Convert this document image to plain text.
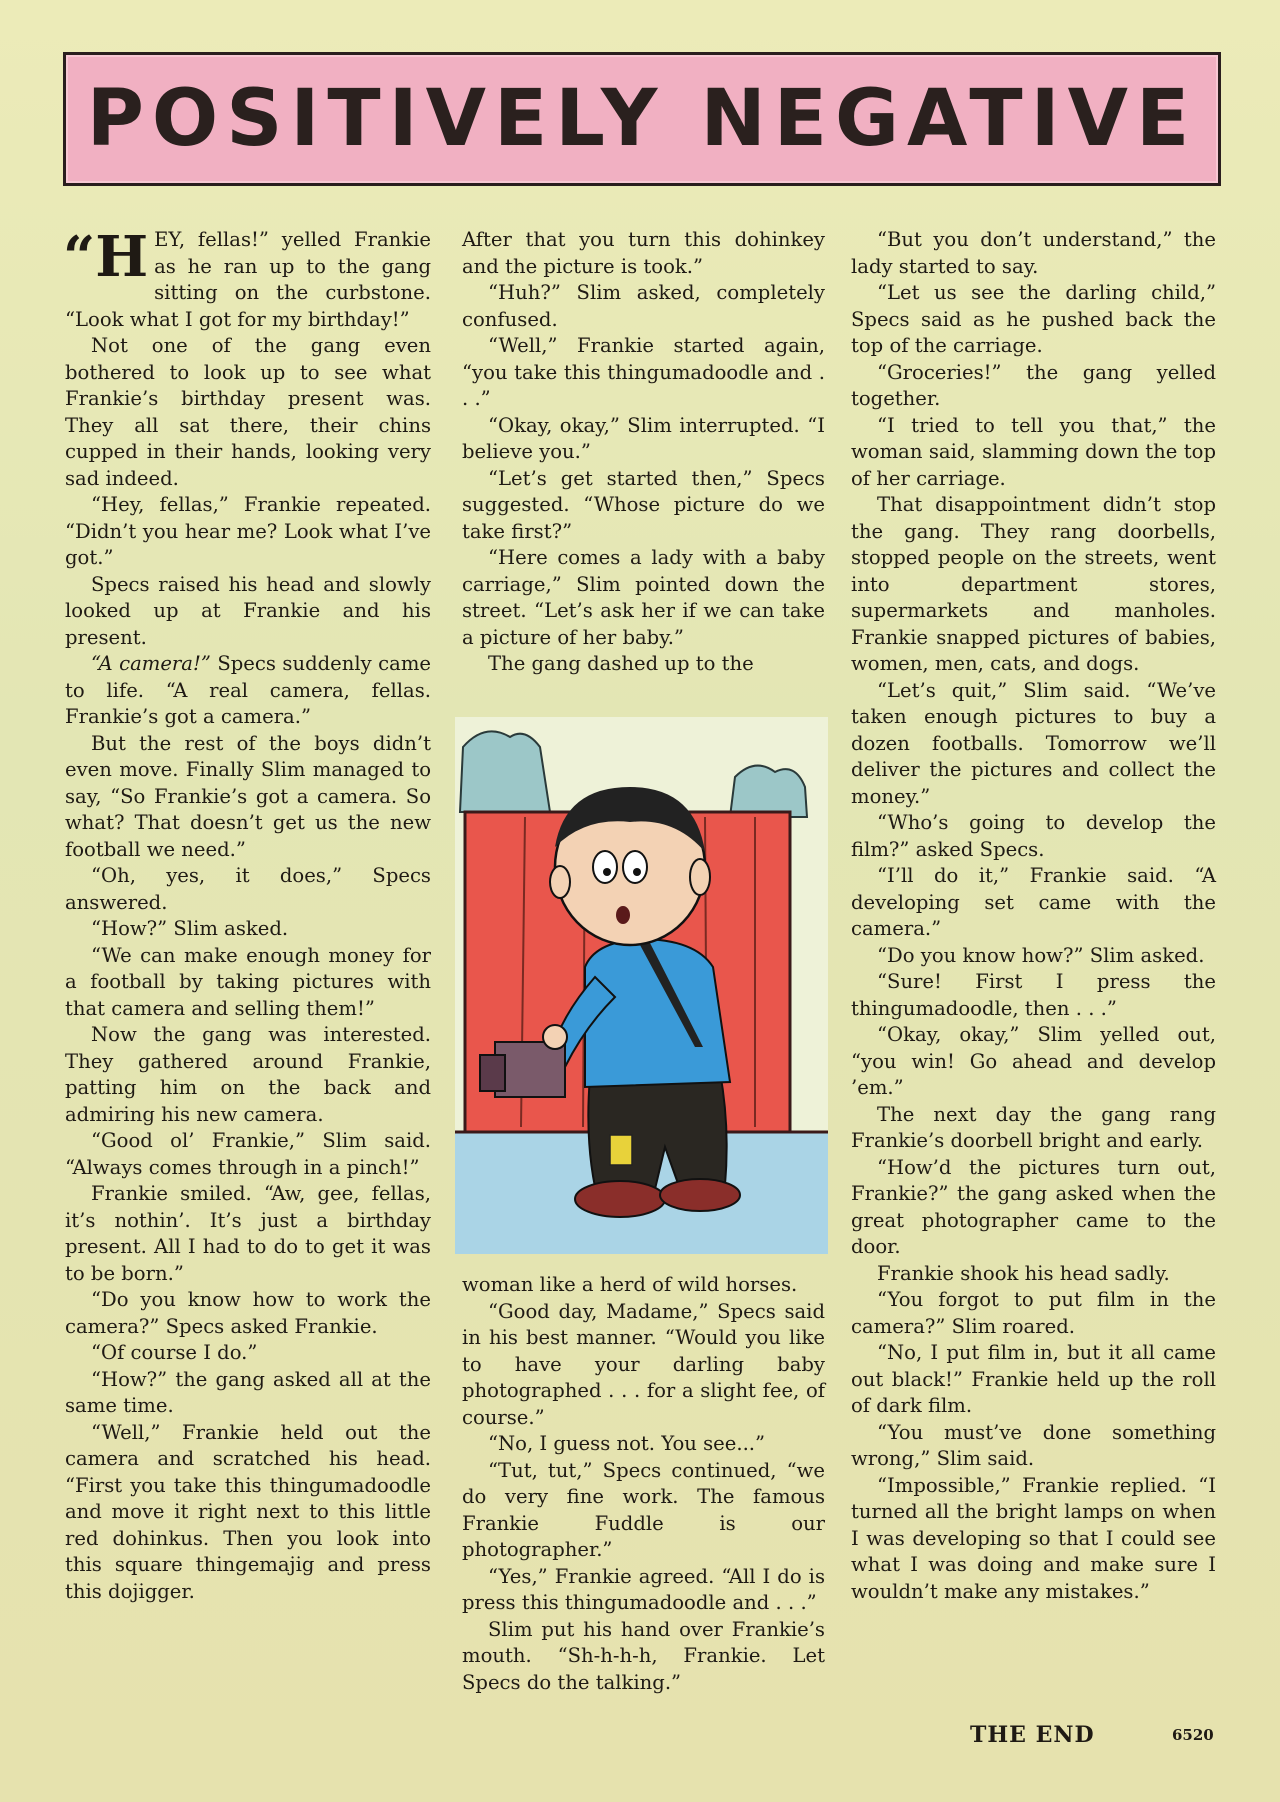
POSITIVELY NEGATIVE

“HEY, fellas!” yelled Frankie as he ran up to the gang sitting on the curbstone. “Look what I got for my birthday!”

Not one of the gang even bothered to look up to see what Frankie’s birthday present was. They all sat there, their chins cupped in their hands, looking very sad indeed.

“Hey, fellas,” Frankie repeated. “Didn’t you hear me? Look what I’ve got.”

Specs raised his head and slowly looked up at Frankie and his present.

“A camera!” Specs suddenly came to life. “A real camera, fellas. Frankie’s got a camera.”

But the rest of the boys didn’t even move. Finally Slim managed to say, “So Frankie’s got a camera. So what? That doesn’t get us the new football we need.”

“Oh, yes, it does,” Specs answered.

“How?” Slim asked.

“We can make enough money for a football by taking pictures with that camera and selling them!”

Now the gang was interested. They gathered around Frankie, patting him on the back and admiring his new camera.

“Good ol’ Frankie,” Slim said. “Always comes through in a pinch!”

Frankie smiled. “Aw, gee, fellas, it’s nothin’. It’s just a birthday present. All I had to do to get it was to be born.”

“Do you know how to work the camera?” Specs asked Frankie.

“Of course I do.”

“How?” the gang asked all at the same time.

“Well,” Frankie held out the camera and scratched his head. “First you take this thingumadoodle and move it right next to this little red dohinkus. Then you look into this square thingemajig and press this dojigger.

After that you turn this dohinkey and the picture is took.”

“Huh?” Slim asked, completely confused.

“Well,” Frankie started again, “you take this thingumadoodle and . . .”

“Okay, okay,” Slim interrupted. “I believe you.”

“Let’s get started then,” Specs suggested. “Whose picture do we take first?”

“Here comes a lady with a baby carriage,” Slim pointed down the street. “Let’s ask her if we can take a picture of her baby.”

The gang dashed up to the

woman like a herd of wild horses.

“Good day, Madame,” Specs said in his best manner. “Would you like to have your darling baby photographed . . . for a slight fee, of course.”

“No, I guess not. You see...”

“Tut, tut,” Specs continued, “we do very fine work. The famous Frankie Fuddle is our photographer.”

“Yes,” Frankie agreed. “All I do is press this thingumadoodle and . . .”

Slim put his hand over Frankie’s mouth. “Sh-h-h-h, Frankie. Let Specs do the talking.”

“But you don’t understand,” the lady started to say.

“Let us see the darling child,” Specs said as he pushed back the top of the carriage.

“Groceries!” the gang yelled together.

“I tried to tell you that,” the woman said, slamming down the top of her carriage.

That disappointment didn’t stop the gang. They rang doorbells, stopped people on the streets, went into department stores, supermarkets and manholes. Frankie snapped pictures of babies, women, men, cats, and dogs.

“Let’s quit,” Slim said. “We’ve taken enough pictures to buy a dozen footballs. Tomorrow we’ll deliver the pictures and collect the money.”

“Who’s going to develop the film?” asked Specs.

“I’ll do it,” Frankie said. “A developing set came with the camera.”

“Do you know how?” Slim asked.

“Sure! First I press the thingumadoodle, then . . .”

“Okay, okay,” Slim yelled out, “you win! Go ahead and develop ’em.”

The next day the gang rang Frankie’s doorbell bright and early.

“How’d the pictures turn out, Frankie?” the gang asked when the great photographer came to the door.

Frankie shook his head sadly.

“You forgot to put film in the camera?” Slim roared.

“No, I put film in, but it all came out black!” Frankie held up the roll of dark film.

“You must’ve done something wrong,” Slim said.

“Impossible,” Frankie replied. “I turned all the bright lamps on when I was developing so that I could see what I was doing and make sure I wouldn’t make any mistakes.”

THE END	6520
